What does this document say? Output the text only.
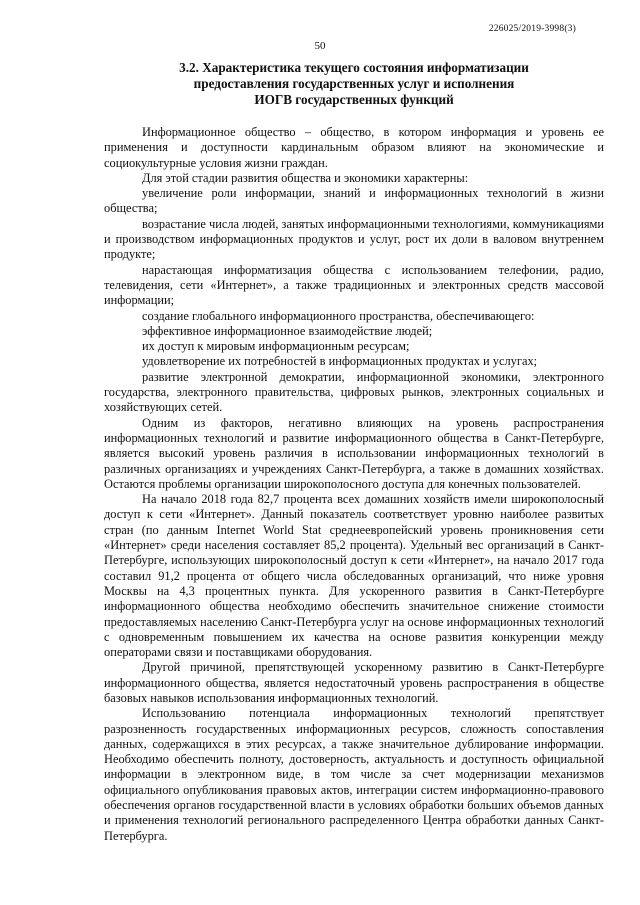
226025/2019-3998(3)
50
3.2. Характеристика текущего состояния информатизации
предоставления государственных услуг и исполнения
ИОГВ государственных функций

Информационное общество – общество, в котором информация и уровень ее применения и доступности кардинальным образом влияют на экономические и социокультурные условия жизни граждан.

Для этой стадии развития общества и экономики характерны:

увеличение роли информации, знаний и информационных технологий в жизни общества;

возрастание числа людей, занятых информационными технологиями, коммуникациями и производством информационных продуктов и услуг, рост их доли в валовом внутреннем продукте;

нарастающая информатизация общества с использованием телефонии, радио, телевидения, сети «Интернет», а также традиционных и электронных средств массовой информации;

создание глобального информационного пространства, обеспечивающего:

эффективное информационное взаимодействие людей;

их доступ к мировым информационным ресурсам;

удовлетворение их потребностей в информационных продуктах и услугах;

развитие электронной демократии, информационной экономики, электронного государства, электронного правительства, цифровых рынков, электронных социальных и хозяйствующих сетей.

Одним из факторов, негативно влияющих на уровень распространения информационных технологий и развитие информационного общества в Санкт-Петербурге, является высокий уровень различия в использовании информационных технологий в различных организациях и учреждениях Санкт-Петербурга, а также в домашних хозяйствах. Остаются проблемы организации широкополосного доступа для конечных пользователей.

На начало 2018 года 82,7 процента всех домашних хозяйств имели широкополосный доступ к сети «Интернет». Данный показатель соответствует уровню наиболее развитых стран (по данным Internet World Stat среднеевропейский уровень проникновения сети «Интернет» среди населения составляет 85,2 процента). Удельный вес организаций в Санкт-Петербурге, использующих широкополосный доступ к сети «Интернет», на начало 2017 года составил 91,2 процента от общего числа обследованных организаций, что ниже уровня Москвы на 4,3 процентных пункта. Для ускоренного развития в Санкт-Петербурге информационного общества необходимо обеспечить значительное снижение стоимости предоставляемых населению Санкт-Петербурга услуг на основе информационных технологий с одновременным повышением их качества на основе развития конкуренции между операторами связи и поставщиками оборудования.

Другой причиной, препятствующей ускоренному развитию в Санкт-Петербурге информационного общества, является недостаточный уровень распространения в обществе базовых навыков использования информационных технологий.

Использованию потенциала информационных технологий препятствует разрозненность государственных информационных ресурсов, сложность сопоставления данных, содержащихся в этих ресурсах, а также значительное дублирование информации. Необходимо обеспечить полноту, достоверность, актуальность и доступность официальной информации в электронном виде, в том числе за счет модернизации механизмов официального опубликования правовых актов, интеграции систем информационно-правового обеспечения органов государственной власти в условиях обработки больших объемов данных и применения технологий регионального распределенного Центра обработки данных Санкт-Петербурга.
